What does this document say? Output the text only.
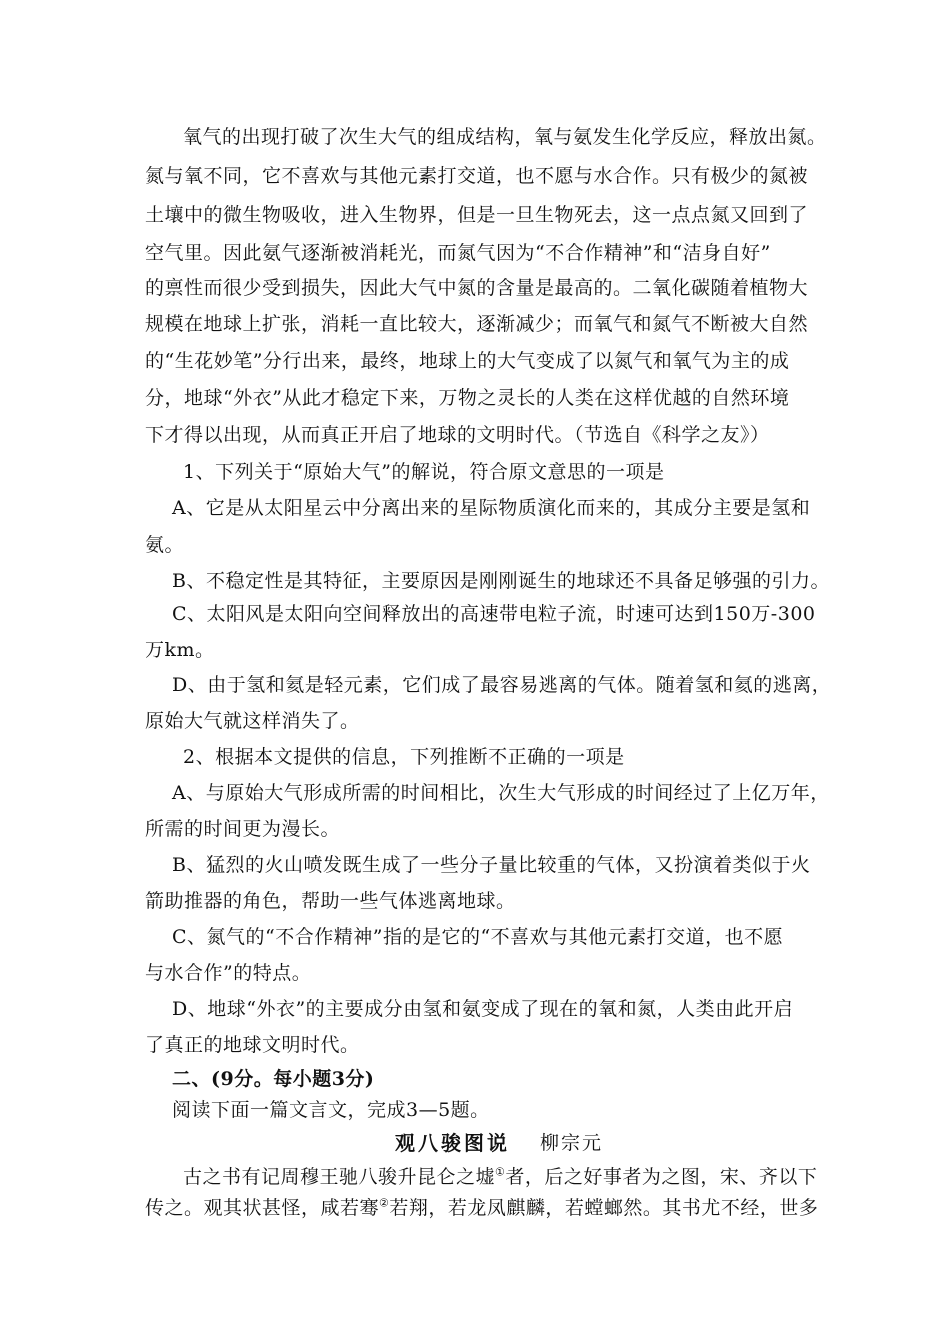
氧气的出现打破了次生大气的组成结构，氧与氨发生化学反应，释放出氮。
氮与氧不同，它不喜欢与其他元素打交道，也不愿与水合作。只有极少的氮被
土壤中的微生物吸收，进入生物界，但是一旦生物死去，这一点点氮又回到了
空气里。因此氨气逐渐被消耗光，而氮气因为“不合作精神”和“洁身自好”
的禀性而很少受到损失，因此大气中氮的含量是最高的。二氧化碳随着植物大
规模在地球上扩张，消耗一直比较大，逐渐减少；而氧气和氮气不断被大自然
的“生花妙笔”分行出来，最终，地球上的大气变成了以氮气和氧气为主的成
分，地球“外衣”从此才稳定下来，万物之灵长的人类在这样优越的自然环境
下才得以出现，从而真正开启了地球的文明时代。（节选自《科学之友》）
1、下列关于“原始大气”的解说，符合原文意思的一项是
A、它是从太阳星云中分离出来的星际物质演化而来的，其成分主要是氢和
氨。
B、不稳定性是其特征，主要原因是刚刚诞生的地球还不具备足够强的引力。
C、太阳风是太阳向空间释放出的高速带电粒子流，时速可达到150万-300
万km。
D、由于氢和氦是轻元素，它们成了最容易逃离的气体。随着氢和氦的逃离，
原始大气就这样消失了。
2、根据本文提供的信息，下列推断不正确的一项是
A、与原始大气形成所需的时间相比，次生大气形成的时间经过了上亿万年，
所需的时间更为漫长。
B、猛烈的火山喷发既生成了一些分子量比较重的气体，又扮演着类似于火
箭助推器的角色，帮助一些气体逃离地球。
C、氮气的“不合作精神”指的是它的“不喜欢与其他元素打交道，也不愿
与水合作”的特点。
D、地球“外衣”的主要成分由氢和氨变成了现在的氧和氮，人类由此开启
了真正的地球文明时代。
二、(9分。每小题3分)
阅读下面一篇文言文，完成3—5题。
观八骏图说 柳宗元
古之书有记周穆王驰八骏升昆仑之墟①者，后之好事者为之图，宋、齐以下
传之。观其状甚怪，咸若骞②若翔，若龙凤麒麟，若螳螂然。其书尤不经，世多
